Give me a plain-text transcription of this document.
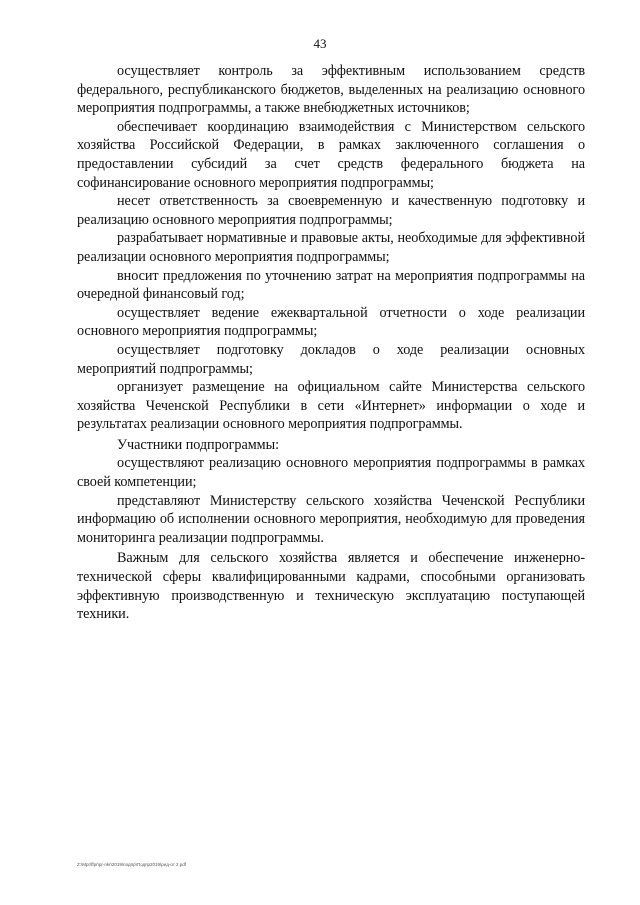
43

осуществляет контроль за эффективным использованием средств федерального, республиканского бюджетов, выделенных на реализацию основного мероприятия подпрограммы, а также внебюджетных источников;

обеспечивает координацию взаимодействия с Министерством сельского хозяйства Российской Федерации, в рамках заключенного соглашения о предоставлении субсидий за счет средств федерального бюджета на софинансирование основного мероприятия подпрограммы;

несет ответственность за своевременную и качественную подготовку и реализацию основного мероприятия подпрограммы;

разрабатывает нормативные и правовые акты, необходимые для эффективной реализации основного мероприятия подпрограммы;

вносит предложения по уточнению затрат на мероприятия подпрограммы на очередной финансовый год;

осуществляет ведение ежеквартальной отчетности о ходе реализации основного мероприятия подпрограммы;

осуществляет подготовку докладов о ходе реализации основных мероприятий подпрограммы;

организует размещение на официальном сайте Министерства сельского хозяйства Чеченской Республики в сети «Интернет» информации о ходе и результатах реализации основного мероприятия подпрограммы.

Участники подпрограммы:

осуществляют реализацию основного мероприятия подпрограммы в рамках своей компетенции;

представляют Министерству сельского хозяйства Чеченской Республики информацию об исполнении основного мероприятия, необходимую для проведения мониторинга реализации подпрограммы.

Важным для сельского хозяйства является и обеспечение инженерно-технической сферы квалифицированными кадрами, способными организовать эффективную производственную и техническую эксплуатацию поступающей техники.

Z:\Mpr\ffpr\pr-nkr\2019\подпр\Подпр2019\ред-от 2.pdf
